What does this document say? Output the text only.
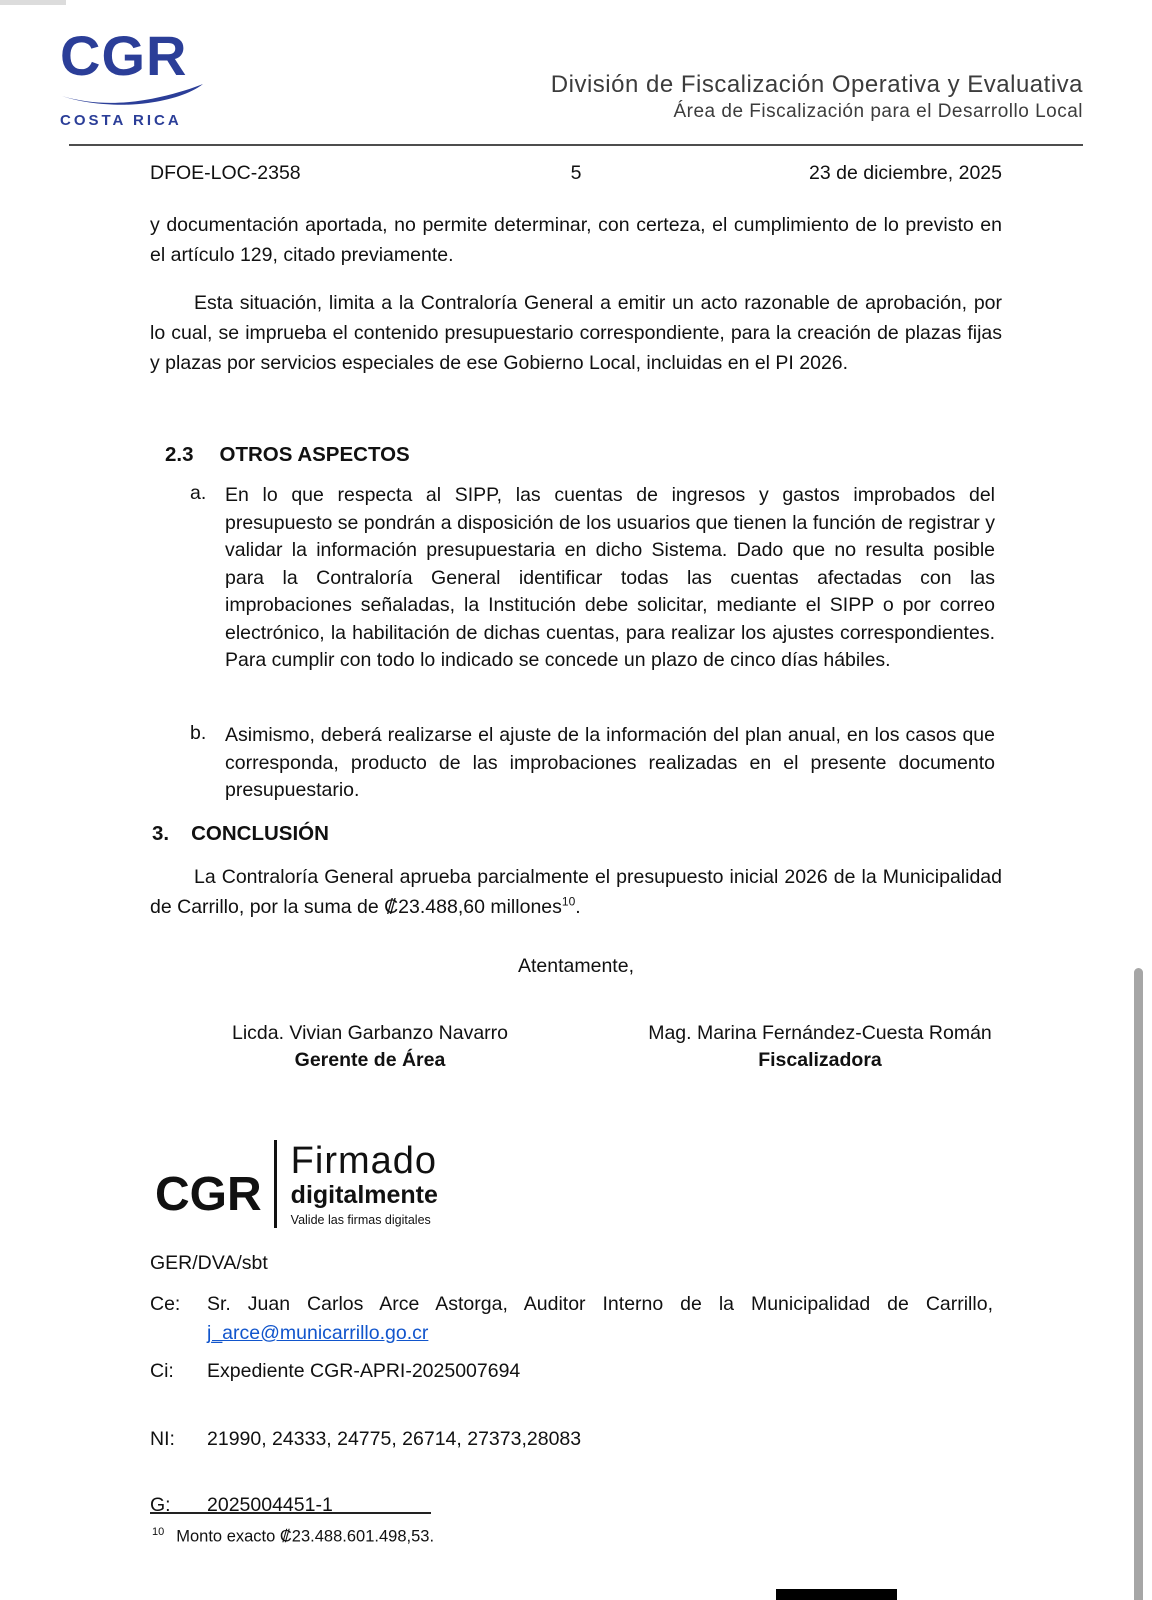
CGR
COSTA RICA
División de Fiscalización Operativa y Evaluativa
Área de Fiscalización para el Desarrollo Local
DFOE-LOC-2358	5	23 de diciembre, 2025
y documentación aportada, no permite determinar, con certeza, el cumplimiento de lo previsto en el artículo 129, citado previamente.
Esta situación, limita a la Contraloría General a emitir un acto razonable de aprobación, por lo cual, se imprueba el contenido presupuestario correspondiente, para la creación de plazas fijas y plazas por servicios especiales de ese Gobierno Local, incluidas en el PI 2026.
2.3 OTROS ASPECTOS
a. En lo que respecta al SIPP, las cuentas de ingresos y gastos improbados del presupuesto se pondrán a disposición de los usuarios que tienen la función de registrar y validar la información presupuestaria en dicho Sistema. Dado que no resulta posible para la Contraloría General identificar todas las cuentas afectadas con las improbaciones señaladas, la Institución debe solicitar, mediante el SIPP o por correo electrónico, la habilitación de dichas cuentas, para realizar los ajustes correspondientes. Para cumplir con todo lo indicado se concede un plazo de cinco días hábiles.
b. Asimismo, deberá realizarse el ajuste de la información del plan anual, en los casos que corresponda, producto de las improbaciones realizadas en el presente documento presupuestario.
3. CONCLUSIÓN
La Contraloría General aprueba parcialmente el presupuesto inicial 2026 de la Municipalidad de Carrillo, por la suma de ₡23.488,60 millones$^{10}$.
Atentamente,
Licda. Vivian Garbanzo Navarro
Gerente de Área
Mag. Marina Fernández-Cuesta Román
Fiscalizadora
CGR
Firmado
digitalmente
Valide las firmas digitales
GER/DVA/sbt
Ce: Sr. Juan Carlos Arce Astorga, Auditor Interno de la Municipalidad de Carrillo,
j_arce@municarrillo.go.cr
Ci: Expediente CGR-APRI-2025007694
NI: 21990, 24333, 24775, 26714, 27373,28083
G: 2025004451-1
$^{10}$ Monto exacto ₡23.488.601.498,53.
